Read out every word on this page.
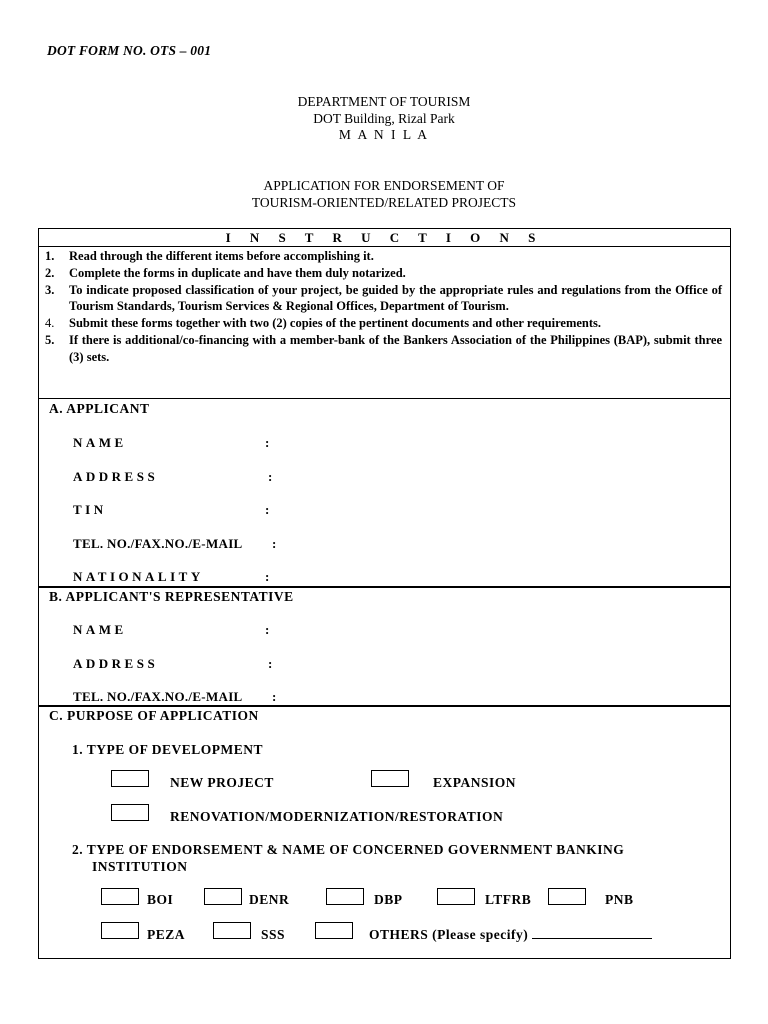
DOT FORM NO. OTS – 001
DEPARTMENT OF TOURISM
DOT Building, Rizal Park
M A N I L A
APPLICATION FOR ENDORSEMENT OF
TOURISM-ORIENTED/RELATED PROJECTS
I N S T R U C T I O N S
1.	Read through the different items before accomplishing it.
2.	Complete the forms in duplicate and have them duly notarized.
3.	To indicate proposed classification of your project, be guided by the appropriate rules and regulations from the Office of Tourism Standards, Tourism Services & Regional Offices, Department of Tourism.
4.	Submit these forms together with two (2) copies of the pertinent documents and other requirements.
5.	If there is additional/co-financing with a member-bank of the Bankers Association of the Philippines (BAP), submit three (3) sets.
A. APPLICANT
NAME	:
ADDRESS	:
TIN	:
TEL. NO./FAX.NO./E-MAIL :
NATIONALITY	:
B. APPLICANT'S REPRESENTATIVE
NAME	:
ADDRESS	:
TEL. NO./FAX.NO./E-MAIL :
C. PURPOSE OF APPLICATION
1. TYPE OF DEVELOPMENT
NEW PROJECT	EXPANSION
RENOVATION/MODERNIZATION/RESTORATION
2. TYPE OF ENDORSEMENT & NAME OF CONCERNED GOVERNMENT BANKING
INSTITUTION
BOI	DENR	DBP	LTFRB	PNB
PEZA	SSS	OTHERS (Please specify)
